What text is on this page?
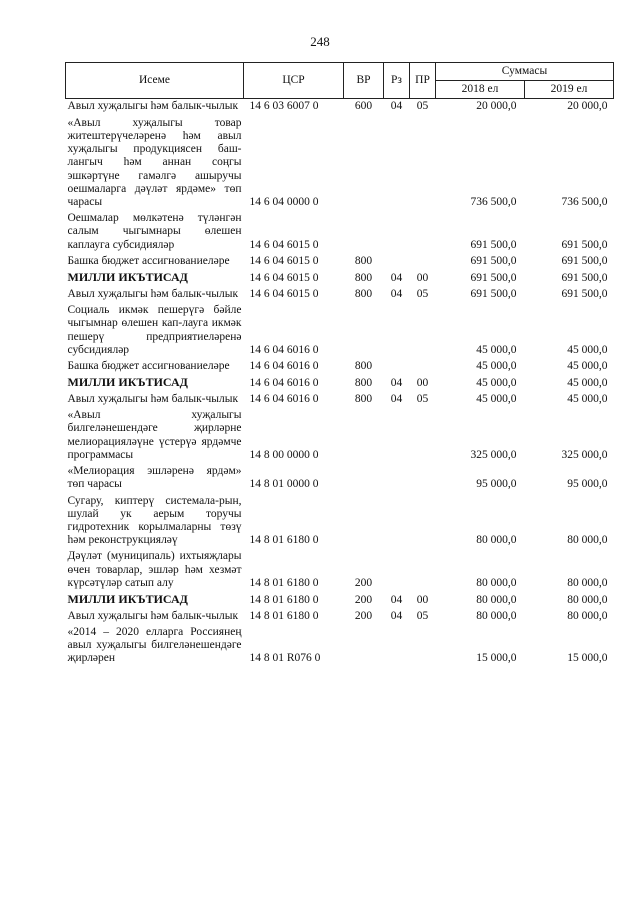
248
Исеме	ЦСР	ВР	Рз	ПР	Суммасы	
					2018 ел	2019 ел
Авыл хуҗалыгы һәм балык-чылык	14 6 03 6007 0	600	04	05	20 000,0	20 000,0
«Авыл хуҗалыгы товар житештерүчеләренә һәм авыл хуҗалыгы продукциясен баш-лангыч һәм аннан соңгы эшкәртүне гамәлгә ашыручы оешмаларга дәүләт ярдәме» төп чарасы	14 6 04 0000 0				736 500,0	736 500,0
Оешмалар мөлкәтенә түләнгән салым чыгымнары өлешен каплауга субсидияләр	14 6 04 6015 0				691 500,0	691 500,0
Башка бюджет ассигнованиеләре	14 6 04 6015 0	800			691 500,0	691 500,0
МИЛЛИ ИКЪТИСАД	14 6 04 6015 0	800	04	00	691 500,0	691 500,0
Авыл хуҗалыгы һәм балык-чылык	14 6 04 6015 0	800	04	05	691 500,0	691 500,0
Социаль икмәк пешерүгә бәйле чыгымнар өлешен кап-лауга икмәк пешерү предприятиеләренә субсидияләр	14 6 04 6016 0				45 000,0	45 000,0
Башка бюджет ассигнованиеләре	14 6 04 6016 0	800			45 000,0	45 000,0
МИЛЛИ ИКЪТИСАД	14 6 04 6016 0	800	04	00	45 000,0	45 000,0
Авыл хуҗалыгы һәм балык-чылык	14 6 04 6016 0	800	04	05	45 000,0	45 000,0
«Авыл хуҗалыгы билгеләнешендәге җирләрне мелиорацияләүне үстерүә ярдәмче программасы	14 8 00 0000 0				325 000,0	325 000,0
«Мелиорация эшләренә ярдәм» төп чарасы	14 8 01 0000 0				95 000,0	95 000,0
Сугару, киптерү системала-рын, шулай ук аерым торучы гидротехник корылмаларны төзү һәм реконструкцияләү	14 8 01 6180 0				80 000,0	80 000,0
Дәүләт (муниципаль) ихтыяҗлары өчен товарлар, эшләр һәм хезмәт күрсәтүләр сатып алу	14 8 01 6180 0	200			80 000,0	80 000,0
МИЛЛИ ИКЪТИСАД	14 8 01 6180 0	200	04	00	80 000,0	80 000,0
Авыл хуҗалыгы һәм балык-чылык	14 8 01 6180 0	200	04	05	80 000,0	80 000,0
«2014 – 2020 елларга Россиянең авыл хуҗалыгы билгеләнешендәге җирләрен	14 8 01 R076 0				15 000,0	15 000,0
